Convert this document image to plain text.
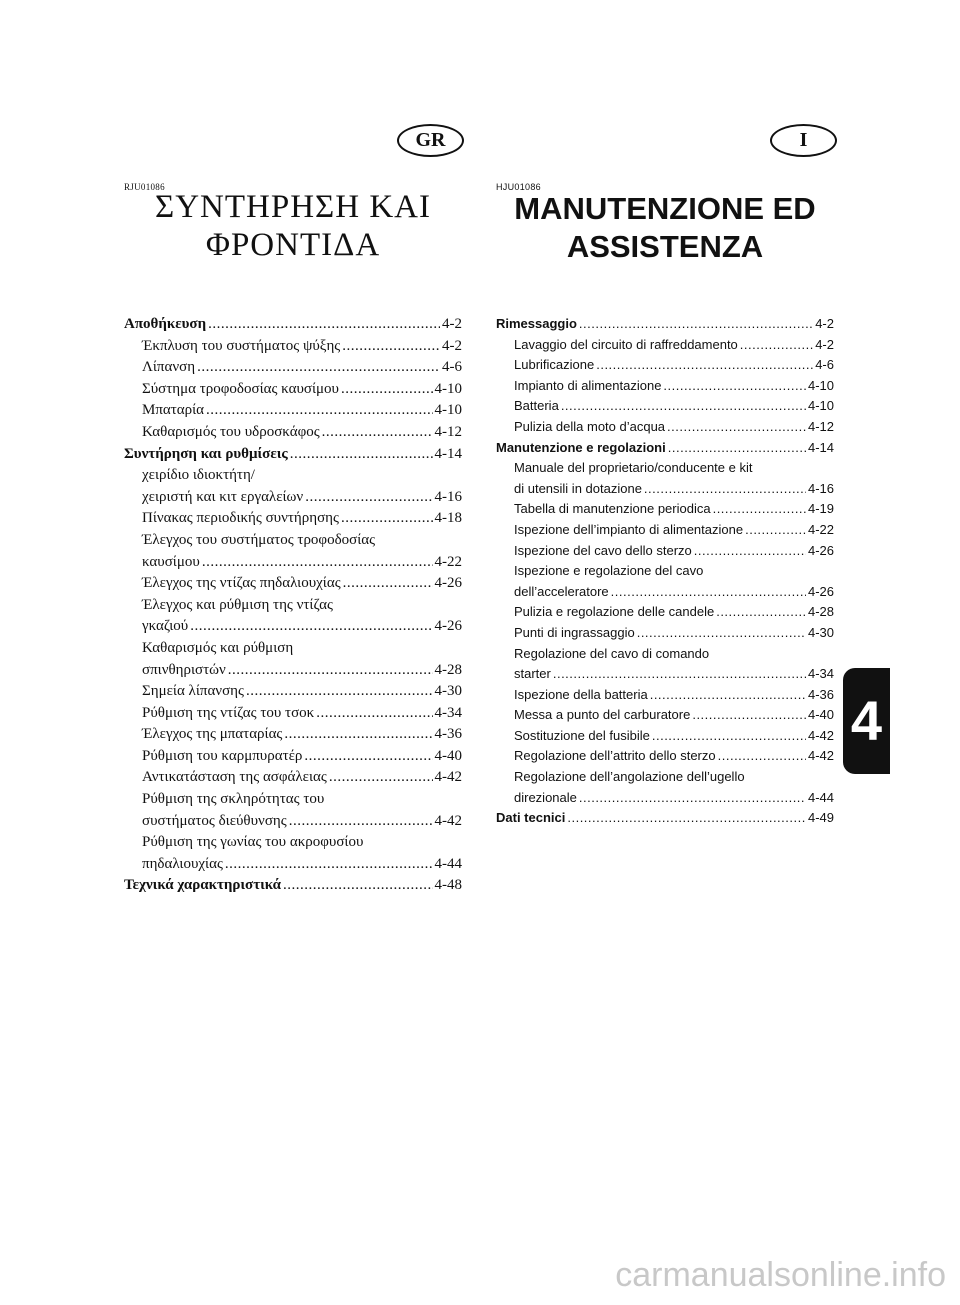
GR	I
RJU01086	HJU01086
ΣΥΝΤΗΡΗΣΗ ΚΑΙ
ΦΡΟΝΤΙΔΑ
MANUTENZIONE ED
ASSISTENZA
Αποθήκευση .....	4-2
Έκπλυση του συστήματος ψύξης .....	4-2
Λίπανση .....	4-6
Σύστημα τροφοδοσίας καυσίμου .....	4-10
Μπαταρία .....	4-10
Καθαρισμός του υδροσκάφος .....	4-12
Συντήρηση και ρυθμίσεις .....	4-14
χειρίδιο ιδιοκτήτη/
χειριστή και κιτ εργαλείων .....	4-16
Πίνακας περιοδικής συντήρησης .....	4-18
Έλεγχος του συστήματος τροφοδοσίας
καυσίμου .....	4-22
Έλεγχος της ντίζας πηδαλιουχίας .....	4-26
Έλεγχος και ρύθμιση της ντίζας
γκαζιού .....	4-26
Καθαρισμός και ρύθμιση
σπινθηριστών .....	4-28
Σημεία λίπανσης .....	4-30
Ρύθμιση της ντίζας του τσοκ .....	4-34
Έλεγχος της μπαταρίας .....	4-36
Ρύθμιση του καρμπυρατέρ .....	4-40
Αντικατάσταση της ασφάλειας .....	4-42
Ρύθμιση της σκληρότητας του
συστήματος διεύθυνσης .....	4-42
Ρύθμιση της γωνίας του ακροφυσίου
πηδαλιουχίας .....	4-44
Τεχνικά χαρακτηριστικά .....	4-48
Rimessaggio .....	4-2
Lavaggio del circuito di raffreddamento .....	4-2
Lubrificazione .....	4-6
Impianto di alimentazione .....	4-10
Batteria .....	4-10
Pulizia della moto d’acqua .....	4-12
Manutenzione e regolazioni .....	4-14
Manuale del proprietario/conducente e kit
di utensili in dotazione .....	4-16
Tabella di manutenzione periodica .....	4-19
Ispezione dell’impianto di alimentazione .....	4-22
Ispezione del cavo dello sterzo .....	4-26
Ispezione e regolazione del cavo
dell’acceleratore .....	4-26
Pulizia e regolazione delle candele .....	4-28
Punti di ingrassaggio .....	4-30
Regolazione del cavo di comando
starter .....	4-34
Ispezione della batteria .....	4-36
Messa a punto del carburatore .....	4-40
Sostituzione del fusibile .....	4-42
Regolazione dell’attrito dello sterzo .....	4-42
Regolazione dell’angolazione dell’ugello
direzionale .....	4-44
Dati tecnici .....	4-49
4
carmanualsonline.info
